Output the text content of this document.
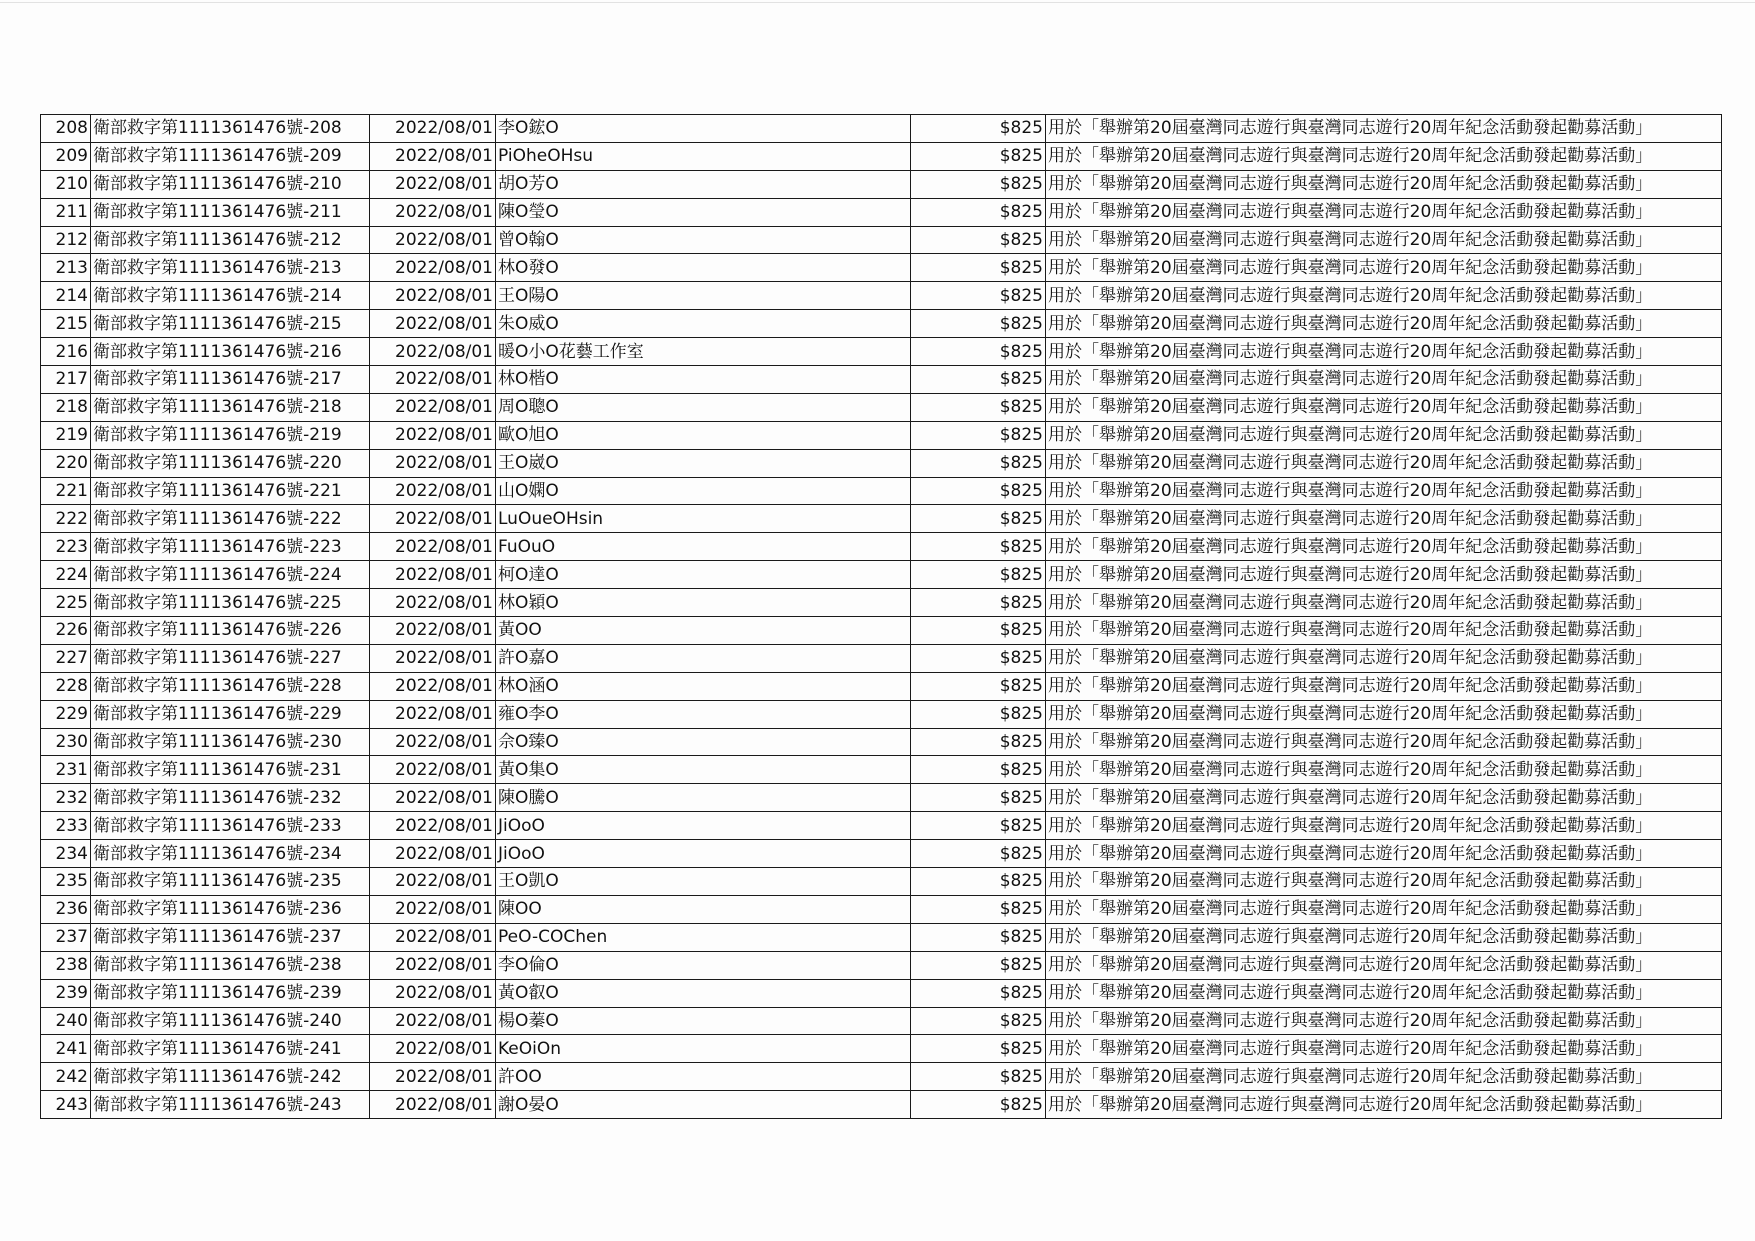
208	衛部救字第1111361476號-208	2022/08/01	李O鋐O	$825	用於「舉辦第20屆臺灣同志遊行與臺灣同志遊行20周年紀念活動發起勸募活動」
209	衛部救字第1111361476號-209	2022/08/01	PiOheOHsu	$825	用於「舉辦第20屆臺灣同志遊行與臺灣同志遊行20周年紀念活動發起勸募活動」
210	衛部救字第1111361476號-210	2022/08/01	胡O芳O	$825	用於「舉辦第20屆臺灣同志遊行與臺灣同志遊行20周年紀念活動發起勸募活動」
211	衛部救字第1111361476號-211	2022/08/01	陳O瑩O	$825	用於「舉辦第20屆臺灣同志遊行與臺灣同志遊行20周年紀念活動發起勸募活動」
212	衛部救字第1111361476號-212	2022/08/01	曾O翰O	$825	用於「舉辦第20屆臺灣同志遊行與臺灣同志遊行20周年紀念活動發起勸募活動」
213	衛部救字第1111361476號-213	2022/08/01	林O發O	$825	用於「舉辦第20屆臺灣同志遊行與臺灣同志遊行20周年紀念活動發起勸募活動」
214	衛部救字第1111361476號-214	2022/08/01	王O陽O	$825	用於「舉辦第20屆臺灣同志遊行與臺灣同志遊行20周年紀念活動發起勸募活動」
215	衛部救字第1111361476號-215	2022/08/01	朱O威O	$825	用於「舉辦第20屆臺灣同志遊行與臺灣同志遊行20周年紀念活動發起勸募活動」
216	衛部救字第1111361476號-216	2022/08/01	暖O小O花藝工作室	$825	用於「舉辦第20屆臺灣同志遊行與臺灣同志遊行20周年紀念活動發起勸募活動」
217	衛部救字第1111361476號-217	2022/08/01	林O楷O	$825	用於「舉辦第20屆臺灣同志遊行與臺灣同志遊行20周年紀念活動發起勸募活動」
218	衛部救字第1111361476號-218	2022/08/01	周O聰O	$825	用於「舉辦第20屆臺灣同志遊行與臺灣同志遊行20周年紀念活動發起勸募活動」
219	衛部救字第1111361476號-219	2022/08/01	歐O旭O	$825	用於「舉辦第20屆臺灣同志遊行與臺灣同志遊行20周年紀念活動發起勸募活動」
220	衛部救字第1111361476號-220	2022/08/01	王O崴O	$825	用於「舉辦第20屆臺灣同志遊行與臺灣同志遊行20周年紀念活動發起勸募活動」
221	衛部救字第1111361476號-221	2022/08/01	山O嫻O	$825	用於「舉辦第20屆臺灣同志遊行與臺灣同志遊行20周年紀念活動發起勸募活動」
222	衛部救字第1111361476號-222	2022/08/01	LuOueOHsin	$825	用於「舉辦第20屆臺灣同志遊行與臺灣同志遊行20周年紀念活動發起勸募活動」
223	衛部救字第1111361476號-223	2022/08/01	FuOuO	$825	用於「舉辦第20屆臺灣同志遊行與臺灣同志遊行20周年紀念活動發起勸募活動」
224	衛部救字第1111361476號-224	2022/08/01	柯O達O	$825	用於「舉辦第20屆臺灣同志遊行與臺灣同志遊行20周年紀念活動發起勸募活動」
225	衛部救字第1111361476號-225	2022/08/01	林O穎O	$825	用於「舉辦第20屆臺灣同志遊行與臺灣同志遊行20周年紀念活動發起勸募活動」
226	衛部救字第1111361476號-226	2022/08/01	黃OO	$825	用於「舉辦第20屆臺灣同志遊行與臺灣同志遊行20周年紀念活動發起勸募活動」
227	衛部救字第1111361476號-227	2022/08/01	許O嘉O	$825	用於「舉辦第20屆臺灣同志遊行與臺灣同志遊行20周年紀念活動發起勸募活動」
228	衛部救字第1111361476號-228	2022/08/01	林O涵O	$825	用於「舉辦第20屆臺灣同志遊行與臺灣同志遊行20周年紀念活動發起勸募活動」
229	衛部救字第1111361476號-229	2022/08/01	雍O李O	$825	用於「舉辦第20屆臺灣同志遊行與臺灣同志遊行20周年紀念活動發起勸募活動」
230	衛部救字第1111361476號-230	2022/08/01	佘O臻O	$825	用於「舉辦第20屆臺灣同志遊行與臺灣同志遊行20周年紀念活動發起勸募活動」
231	衛部救字第1111361476號-231	2022/08/01	黃O集O	$825	用於「舉辦第20屆臺灣同志遊行與臺灣同志遊行20周年紀念活動發起勸募活動」
232	衛部救字第1111361476號-232	2022/08/01	陳O騰O	$825	用於「舉辦第20屆臺灣同志遊行與臺灣同志遊行20周年紀念活動發起勸募活動」
233	衛部救字第1111361476號-233	2022/08/01	JiOoO	$825	用於「舉辦第20屆臺灣同志遊行與臺灣同志遊行20周年紀念活動發起勸募活動」
234	衛部救字第1111361476號-234	2022/08/01	JiOoO	$825	用於「舉辦第20屆臺灣同志遊行與臺灣同志遊行20周年紀念活動發起勸募活動」
235	衛部救字第1111361476號-235	2022/08/01	王O凱O	$825	用於「舉辦第20屆臺灣同志遊行與臺灣同志遊行20周年紀念活動發起勸募活動」
236	衛部救字第1111361476號-236	2022/08/01	陳OO	$825	用於「舉辦第20屆臺灣同志遊行與臺灣同志遊行20周年紀念活動發起勸募活動」
237	衛部救字第1111361476號-237	2022/08/01	PeO-COChen	$825	用於「舉辦第20屆臺灣同志遊行與臺灣同志遊行20周年紀念活動發起勸募活動」
238	衛部救字第1111361476號-238	2022/08/01	李O倫O	$825	用於「舉辦第20屆臺灣同志遊行與臺灣同志遊行20周年紀念活動發起勸募活動」
239	衛部救字第1111361476號-239	2022/08/01	黃O叡O	$825	用於「舉辦第20屆臺灣同志遊行與臺灣同志遊行20周年紀念活動發起勸募活動」
240	衛部救字第1111361476號-240	2022/08/01	楊O蓁O	$825	用於「舉辦第20屆臺灣同志遊行與臺灣同志遊行20周年紀念活動發起勸募活動」
241	衛部救字第1111361476號-241	2022/08/01	KeOiOn	$825	用於「舉辦第20屆臺灣同志遊行與臺灣同志遊行20周年紀念活動發起勸募活動」
242	衛部救字第1111361476號-242	2022/08/01	許OO	$825	用於「舉辦第20屆臺灣同志遊行與臺灣同志遊行20周年紀念活動發起勸募活動」
243	衛部救字第1111361476號-243	2022/08/01	謝O晏O	$825	用於「舉辦第20屆臺灣同志遊行與臺灣同志遊行20周年紀念活動發起勸募活動」
